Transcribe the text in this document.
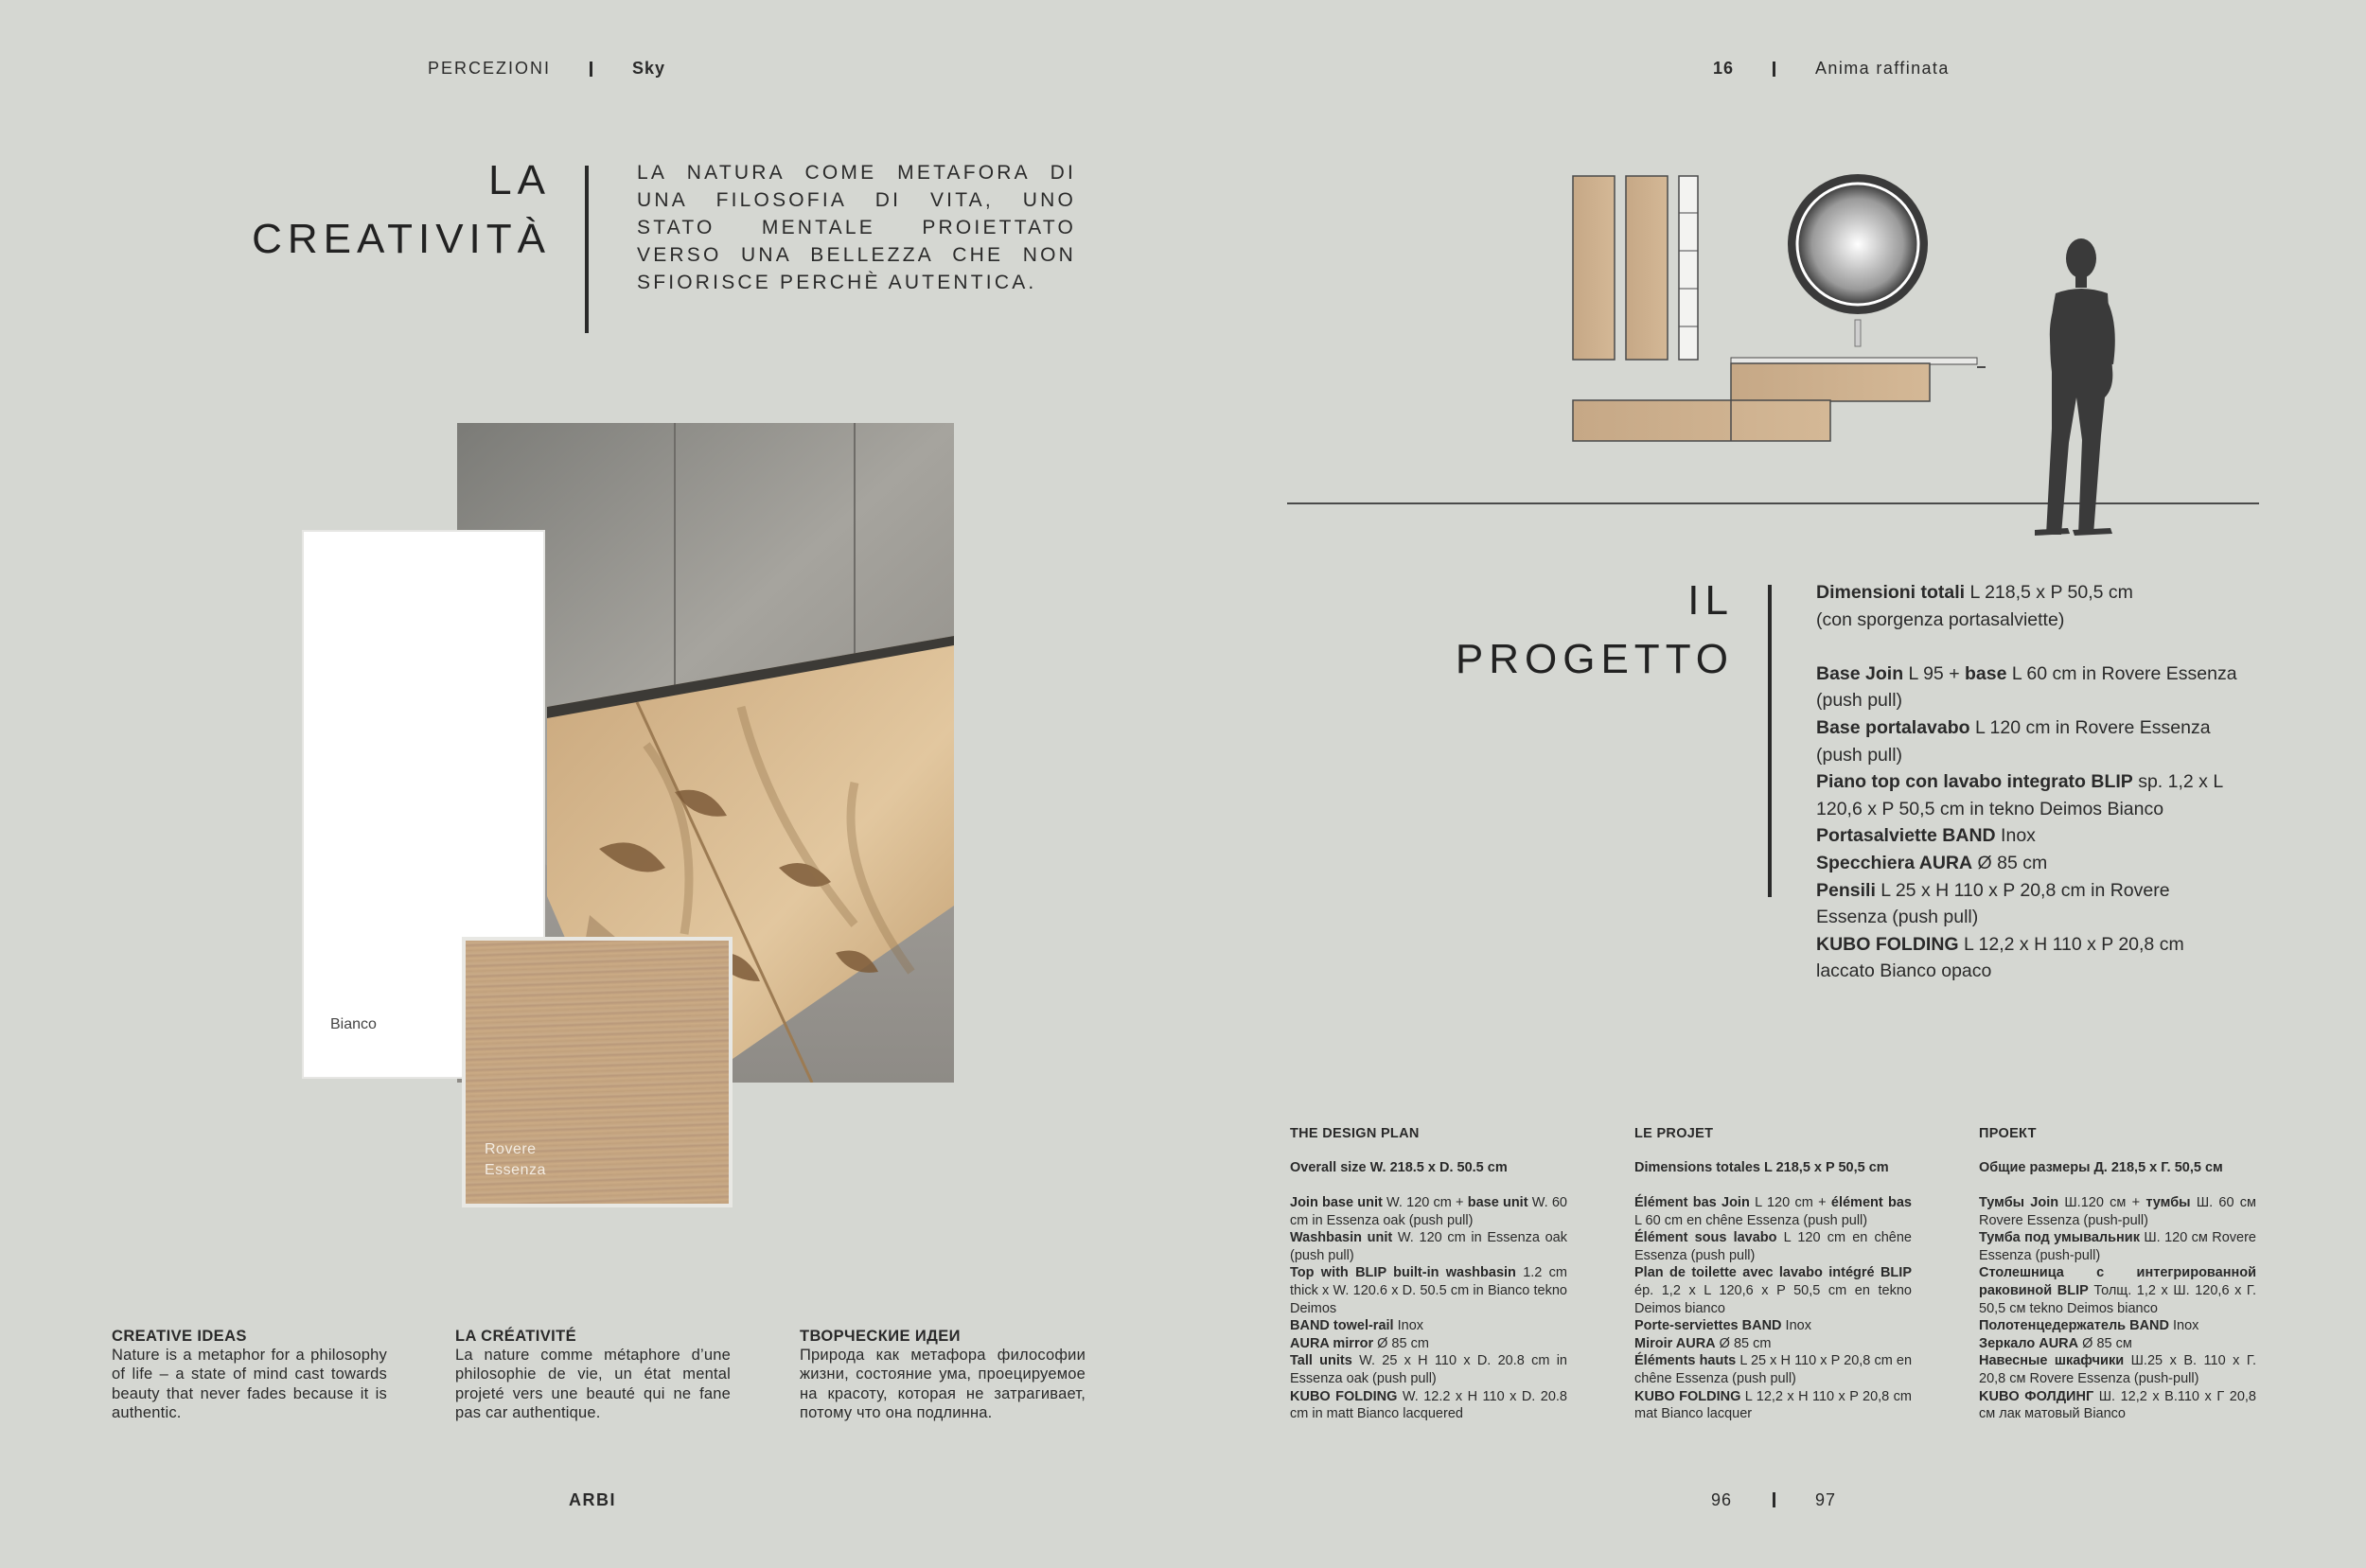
PERCEZIONI	Sky	16	Anima raffinata
LA
CREATIVITÀ
LA NATURA COME METAFORA DI UNA FILOSOFIA DI VITA, UNO STATO MENTALE PROIETTATO VERSO UNA BELLEZZA CHE NON SFIORISCE PERCHÈ AUTENTICA.
Bianco
Rovere
Essenza
IL
PROGETTO
Dimensioni totali L 218,5 x P 50,5 cm
(con sporgenza portasalviette)
Base Join L 95 + base L 60 cm in Rovere Essenza (push pull)
Base portalavabo L 120 cm in Rovere Essenza (push pull)
Piano top con lavabo integrato BLIP sp. 1,2 x L 120,6 x P 50,5 cm in tekno Deimos Bianco
Portasalviette BAND Inox
Specchiera AURA Ø 85 cm
Pensili L 25 x H 110 x P 20,8 cm in Rovere Essenza (push pull)
KUBO FOLDING L 12,2 x H 110 x P 20,8 cm laccato Bianco opaco
THE DESIGN PLAN
Overall size W. 218.5 x D. 50.5 cm
Join base unit W. 120 cm + base unit W. 60 cm in Essenza oak (push pull)
Washbasin unit W. 120 cm in Essenza oak (push pull)
Top with BLIP built-in washbasin 1.2 cm thick x W. 120.6 x D. 50.5 cm in Bianco tekno Deimos
BAND towel-rail Inox
AURA mirror Ø 85 cm
Tall units W. 25 x H 110 x D. 20.8 cm in Essenza oak (push pull)
KUBO FOLDING W. 12.2 x H 110 x D. 20.8 cm in matt Bianco lacquered
LE PROJET
Dimensions totales L 218,5 x P 50,5 cm
Élément bas Join L 120 cm + élément bas L 60 cm en chêne Essenza (push pull)
Élément sous lavabo L 120 cm en chêne Essenza (push pull)
Plan de toilette avec lavabo intégré BLIP ép. 1,2 x L 120,6 x P 50,5 cm en tekno Deimos bianco
Porte-serviettes BAND Inox
Miroir AURA Ø 85 cm
Éléments hauts L 25 x H 110 x P 20,8 cm en chêne Essenza (push pull)
KUBO FOLDING L 12,2 x H 110 x P 20,8 cm mat Bianco lacquer
ПРОЕКТ
Общие размеры Д. 218,5 х Г. 50,5 см
Тумбы Join Ш.120 см + тумбы Ш. 60 см Rovere Essenza (push-pull)
Тумба под умывальник Ш. 120 см Rovere Essenza (push-pull)
Столешница с интегрированной раковиной BLIP Толщ. 1,2 х Ш. 120,6 х Г. 50,5 см tekno Deimos bianco
Полотенцедержатель BAND Inox
Зеркало AURA Ø 85 см
Навесные шкафчики Ш.25 х В. 110 х Г. 20,8 см Rovere Essenza (push-pull)
KUBO ФОЛДИНГ Ш. 12,2 х В.110 х Г 20,8 см лак матовый Bianco
CREATIVE IDEAS

Nature is a metaphor for a philosophy of life – a state of mind cast towards beauty that never fades because it is authentic.

LA CRÉATIVITÉ

La nature comme métaphore d’une philosophie de vie, un état mental projeté vers une beauté qui ne fane pas car authentique.

ТВОРЧЕСКИЕ ИДЕИ

Природа как метафора философии жизни, состояние ума, проецируемое на красоту, которая не затрагивает, потому что она подлинна.

ARBI	96	97
